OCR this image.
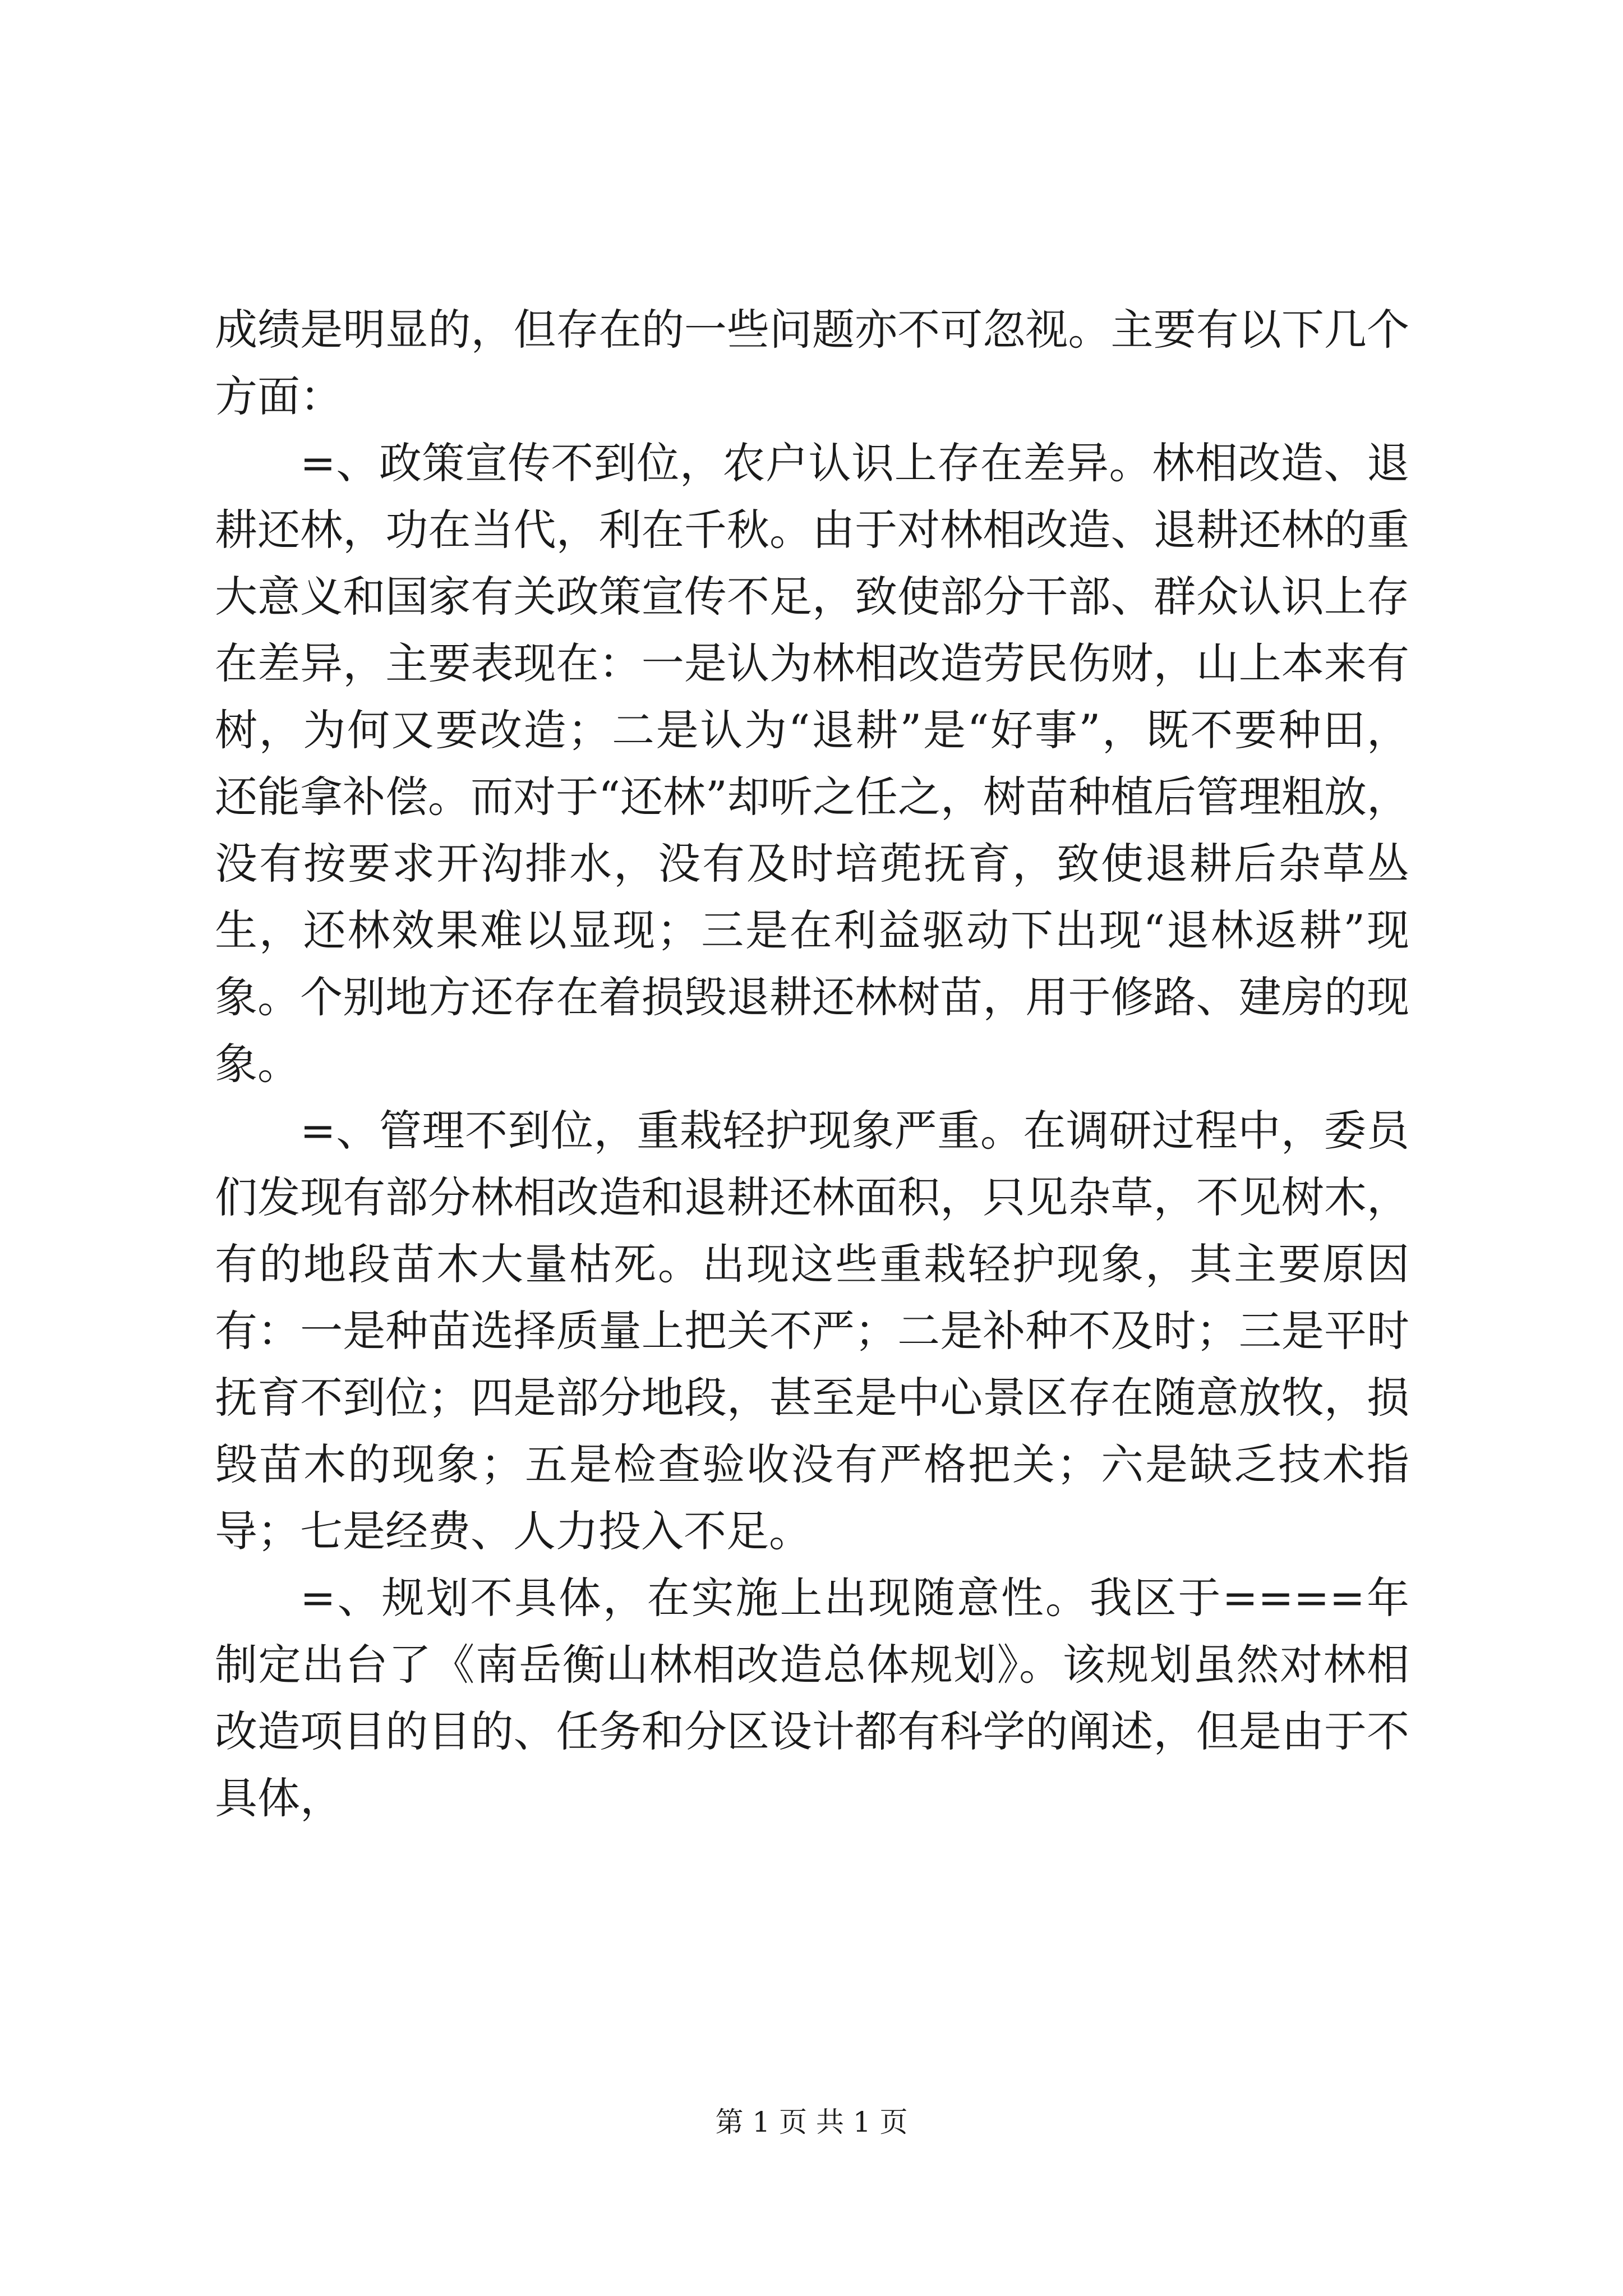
成绩是明显的，但存在的一些问题亦不可忽视。主要有以下几个方面：

=、政策宣传不到位，农户认识上存在差异。林相改造、退耕还林，功在当代，利在千秋。由于对林相改造、退耕还林的重大意义和国家有关政策宣传不足，致使部分干部、群众认识上存在差异，主要表现在：一是认为林相改造劳民伤财，山上本来有树，为何又要改造；二是认为“退耕”是“好事”，既不要种田，还能拿补偿。而对于“还林”却听之任之，树苗种植后管理粗放，没有按要求开沟排水，没有及时培蔸抚育，致使退耕后杂草丛生，还林效果难以显现；三是在利益驱动下出现“退林返耕”现象。个别地方还存在着损毁退耕还林树苗，用于修路、建房的现象。

=、管理不到位，重栽轻护现象严重。在调研过程中，委员们发现有部分林相改造和退耕还林面积，只见杂草，不见树木，有的地段苗木大量枯死。出现这些重栽轻护现象，其主要原因有：一是种苗选择质量上把关不严；二是补种不及时；三是平时抚育不到位；四是部分地段，甚至是中心景区存在随意放牧，损毁苗木的现象；五是检查验收没有严格把关；六是缺乏技术指导；七是经费、人力投入不足。

=、规划不具体，在实施上出现随意性。我区于====年制定出台了《南岳衡山林相改造总体规划》。该规划虽然对林相改造项目的目的、任务和分区设计都有科学的阐述，但是由于不具体，

第 1 页 共 1 页
